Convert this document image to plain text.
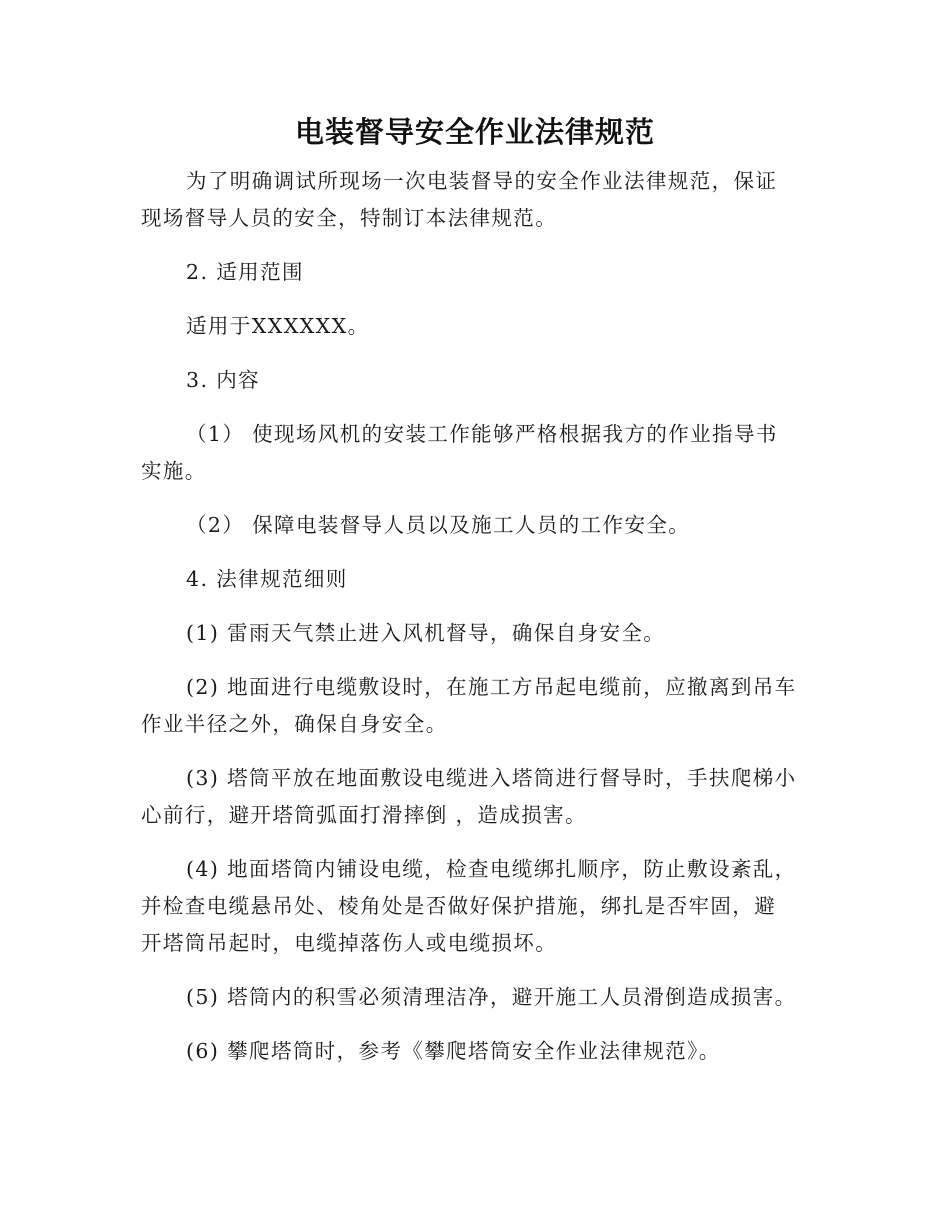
电装督导安全作业法律规范

为了明确调试所现场一次电装督导的安全作业法律规范，保证现场督导人员的安全，特制订本法律规范。

2. 适用范围

适用于XXXXXX。

3. 内容

（1） 使现场风机的安装工作能够严格根据我方的作业指导书实施。

（2） 保障电装督导人员以及施工人员的工作安全。

4. 法律规范细则

(1) 雷雨天气禁止进入风机督导，确保自身安全。

(2) 地面进行电缆敷设时，在施工方吊起电缆前，应撤离到吊车作业半径之外，确保自身安全。

(3) 塔筒平放在地面敷设电缆进入塔筒进行督导时，手扶爬梯小心前行，避开塔筒弧面打滑摔倒 ，造成损害。

(4) 地面塔筒内铺设电缆，检查电缆绑扎顺序，防止敷设紊乱，并检查电缆悬吊处、棱角处是否做好保护措施，绑扎是否牢固，避开塔筒吊起时，电缆掉落伤人或电缆损坏。

(5) 塔筒内的积雪必须清理洁净，避开施工人员滑倒造成损害。

(6) 攀爬塔筒时，参考《攀爬塔筒安全作业法律规范》。
